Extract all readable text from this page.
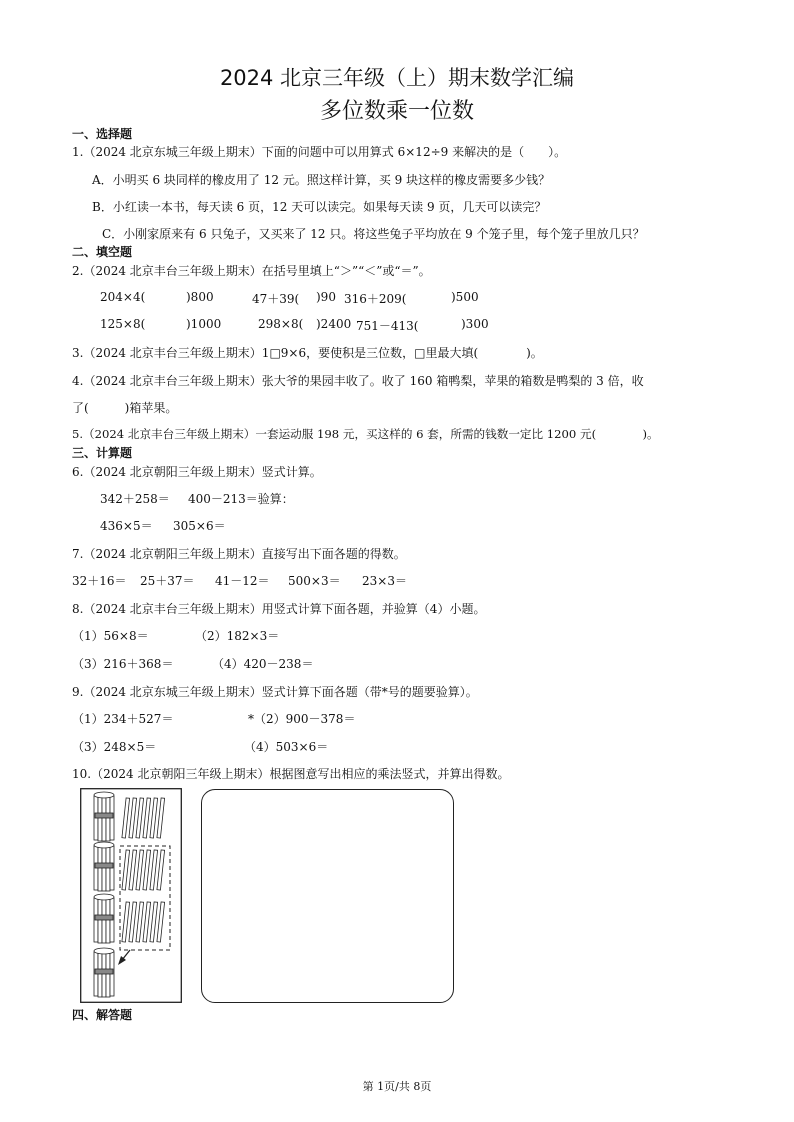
2024 北京三年级（上）期末数学汇编
多位数乘一位数
一、选择题
1.（2024 北京东城三年级上期末）下面的问题中可以用算式 6×12÷9 来解决的是（　　）。
A．小明买 6 块同样的橡皮用了 12 元。照这样计算，买 9 块这样的橡皮需要多少钱？
B．小红读一本书，每天读 6 页，12 天可以读完。如果每天读 9 页，几天可以读完？
C．小刚家原来有 6 只兔子，又买来了 12 只。将这些兔子平均放在 9 个笼子里，每个笼子里放几只？
二、填空题
2.（2024 北京丰台三年级上期末）在括号里填上“＞”“＜”或“＝”。
204×4(	)800	47＋39( )90 316＋209(	)500
125×8(	)1000	298×8( )2400 751－413(	)300
3.（2024 北京丰台三年级上期末）1□9×6，要使积是三位数，□里最大填(　　　　)。
4.（2024 北京丰台三年级上期末）张大爷的果园丰收了。收了 160 箱鸭梨，苹果的箱数是鸭梨的 3 倍，收
了(　　　)箱苹果。
5.（2024 北京丰台三年级上期末）一套运动服 198 元，买这样的 6 套，所需的钱数一定比 1200 元(　　　　)。
三、计算题
6.（2024 北京朝阳三年级上期末）竖式计算。
342＋258＝ 400－213＝验算：
436×5＝ 305×6＝
7.（2024 北京朝阳三年级上期末）直接写出下面各题的得数。
32＋16＝ 25＋37＝ 41－12＝ 500×3＝ 23×3＝
8.（2024 北京丰台三年级上期末）用竖式计算下面各题，并验算（4）小题。
（1）56×8＝	（2）182×3＝
（3）216＋368＝	（4）420－238＝
9.（2024 北京东城三年级上期末）竖式计算下面各题（带*号的题要验算）。
（1）234＋527＝	*（2）900－378＝
（3）248×5＝	（4）503×6＝
10.（2024 北京朝阳三年级上期末）根据图意写出相应的乘法竖式，并算出得数。
四、解答题
第 1页/共 8页
